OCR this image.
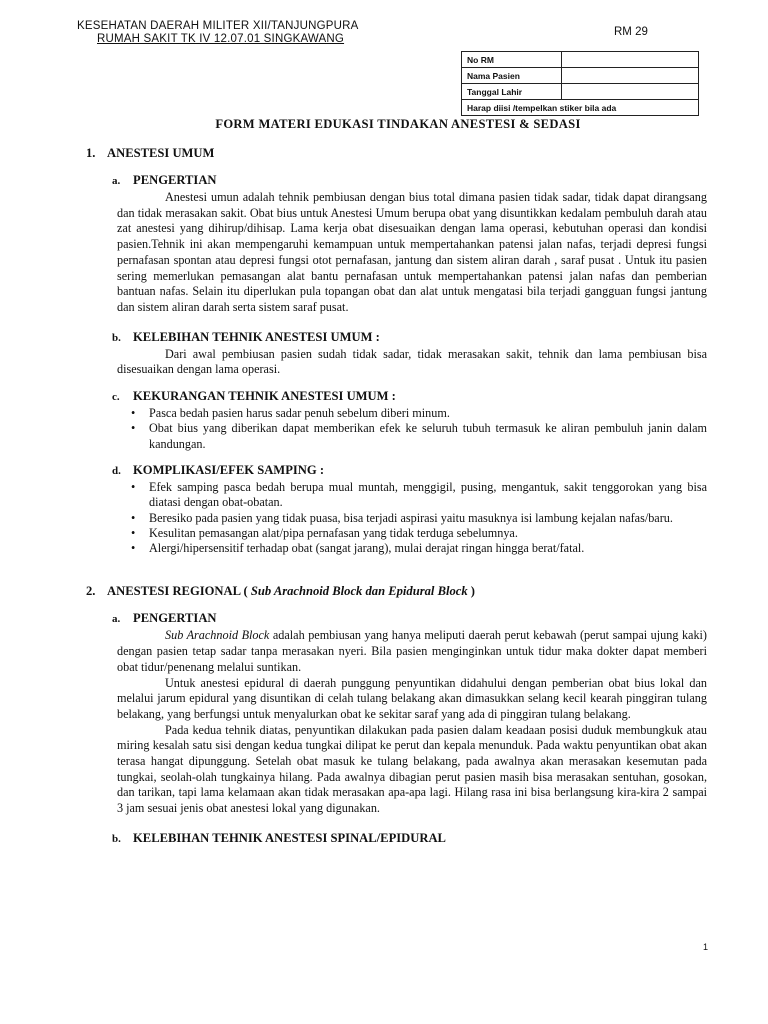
KESEHATAN DAERAH MILITER XII/TANJUNGPURA
RUMAH SAKIT TK IV 12.07.01 SINGKAWANG
RM 29
No RM	
Nama Pasien	
Tanggal Lahir	
Harap diisi /tempelkan stiker bila ada	
FORM MATERI EDUKASI TINDAKAN ANESTESI & SEDASI
1. ANESTESI UMUM
a. PENGERTIAN
Anestesi umun adalah tehnik pembiusan dengan bius total dimana pasien tidak sadar, tidak dapat dirangsang dan tidak merasakan sakit. Obat bius untuk Anestesi Umum berupa obat yang disuntikkan kedalam pembuluh darah atau zat anestesi yang dihirup/dihisap. Lama kerja obat disesuaikan dengan lama operasi, kebutuhan operasi dan kondisi pasien.Tehnik ini akan mempengaruhi kemampuan untuk mempertahankan patensi jalan nafas, terjadi depresi fungsi pernafasan spontan atau depresi fungsi otot pernafasan, jantung dan sistem aliran darah , saraf pusat . Untuk itu pasien sering memerlukan pemasangan alat bantu pernafasan untuk mempertahankan patensi jalan nafas dan pemberian bantuan nafas. Selain itu diperlukan pula topangan obat dan alat untuk mengatasi bila terjadi gangguan fungsi jantung dan sistem aliran darah serta sistem saraf pusat.
b. KELEBIHAN TEHNIK ANESTESI UMUM :
Dari awal pembiusan pasien sudah tidak sadar, tidak merasakan sakit, tehnik dan lama pembiusan bisa disesuaikan dengan lama operasi.
c. KEKURANGAN TEHNIK ANESTESI UMUM :
• Pasca bedah pasien harus sadar penuh sebelum diberi minum.
• Obat bius yang diberikan dapat memberikan efek ke seluruh tubuh termasuk ke aliran pembuluh janin dalam kandungan.
d. KOMPLIKASI/EFEK SAMPING :
• Efek samping pasca bedah berupa mual muntah, menggigil, pusing, mengantuk, sakit tenggorokan yang bisa diatasi dengan obat-obatan.
• Beresiko pada pasien yang tidak puasa, bisa terjadi aspirasi yaitu masuknya isi lambung kejalan nafas/baru.
• Kesulitan pemasangan alat/pipa pernafasan yang tidak terduga sebelumnya.
• Alergi/hipersensitif terhadap obat (sangat jarang), mulai derajat ringan hingga berat/fatal.
2. ANESTESI REGIONAL ( Sub Arachnoid Block dan Epidural Block )
a. PENGERTIAN
Sub Arachnoid Block adalah pembiusan yang hanya meliputi daerah perut kebawah (perut sampai ujung kaki) dengan pasien tetap sadar tanpa merasakan nyeri. Bila pasien menginginkan untuk tidur maka dokter dapat memberi obat tidur/penenang melalui suntikan.
Untuk anestesi epidural di daerah punggung penyuntikan didahului dengan pemberian obat bius lokal dan melalui jarum epidural yang disuntikan di celah tulang belakang akan dimasukkan selang kecil kearah pinggiran tulang belakang, yang berfungsi untuk menyalurkan obat ke sekitar saraf yang ada di pinggiran tulang belakang.
Pada kedua tehnik diatas, penyuntikan dilakukan pada pasien dalam keadaan posisi duduk membungkuk atau miring kesalah satu sisi dengan kedua tungkai dilipat ke perut dan kepala menunduk. Pada waktu penyuntikan obat akan terasa hangat dipunggung. Setelah obat masuk ke tulang belakang, pada awalnya akan merasakan kesemutan pada tungkai, seolah-olah tungkainya hilang. Pada awalnya dibagian perut pasien masih bisa merasakan sentuhan, gosokan, dan tarikan, tapi lama kelamaan akan tidak merasakan apa-apa lagi. Hilang rasa ini bisa berlangsung kira-kira 2 sampai 3 jam sesuai jenis obat anestesi lokal yang digunakan.
b. KELEBIHAN TEHNIK ANESTESI SPINAL/EPIDURAL
1
